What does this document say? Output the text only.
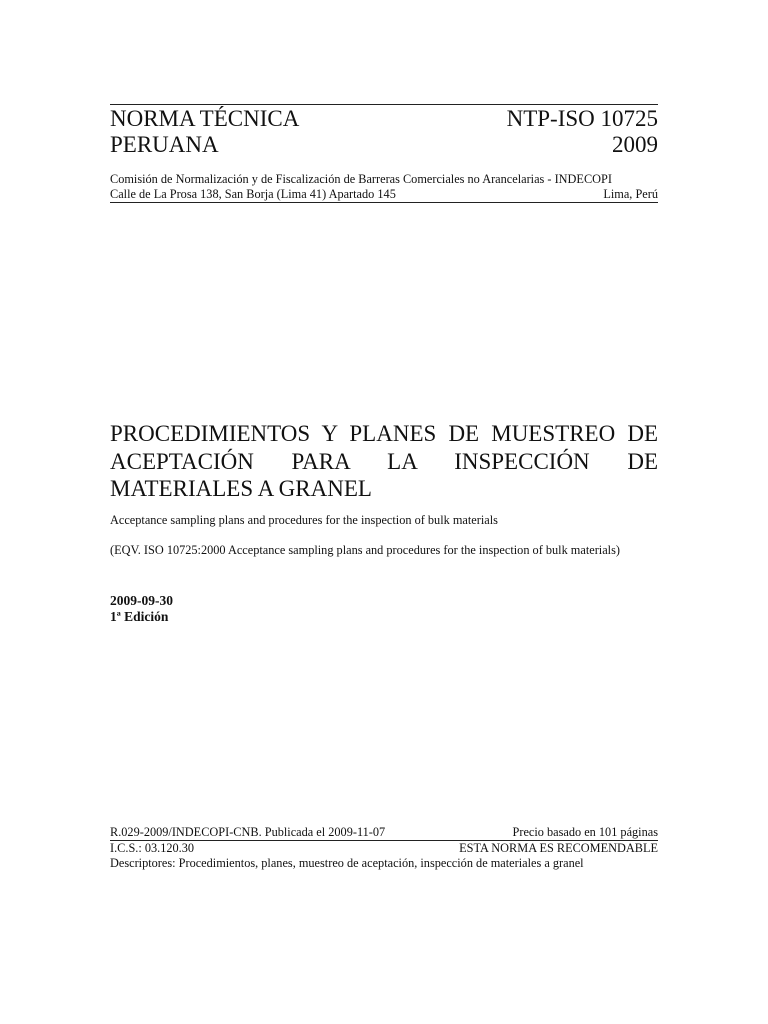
NORMA TÉCNICA	NTP-ISO 10725
PERUANA	2009
Comisión de Normalización y de Fiscalización de Barreras Comerciales no Arancelarias - INDECOPI
Calle de La Prosa 138, San Borja (Lima 41) Apartado 145	Lima, Perú
PROCEDIMIENTOS Y PLANES DE MUESTREO DE ACEPTACIÓN PARA LA INSPECCIÓN DE MATERIALES A GRANEL
Acceptance sampling plans and procedures for the inspection of bulk materials
(EQV. ISO 10725:2000 Acceptance sampling plans and procedures for the inspection of bulk materials)
2009-09-30
1ª Edición
R.029-2009/INDECOPI-CNB. Publicada el 2009-11-07	Precio basado en 101 páginas
I.C.S.: 03.120.30	ESTA NORMA ES RECOMENDABLE
Descriptores: Procedimientos, planes, muestreo de aceptación, inspección de materiales a granel
